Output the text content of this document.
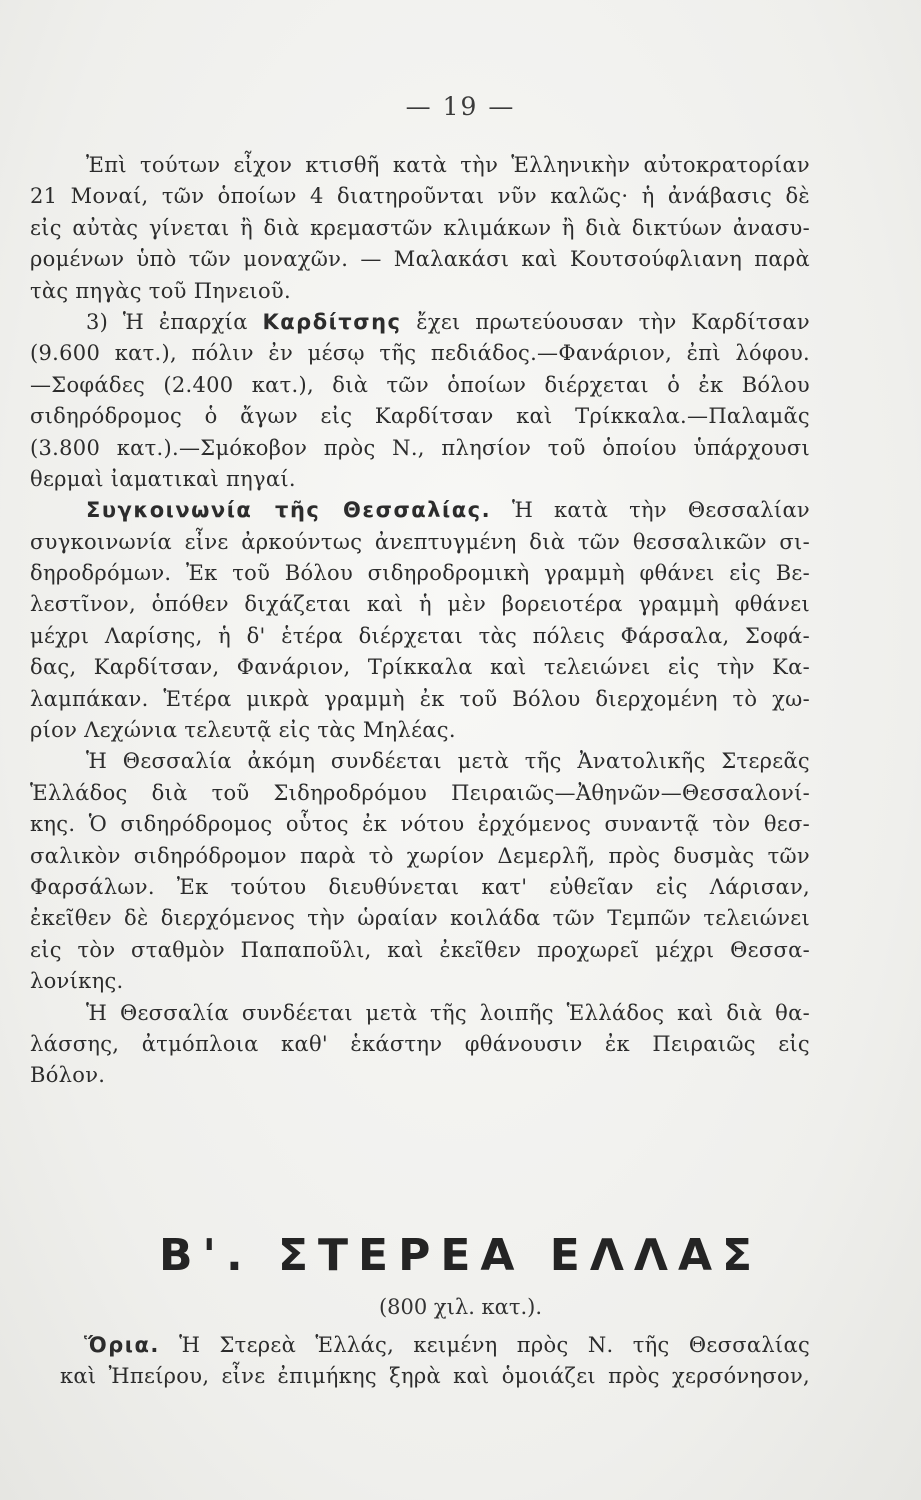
— 19 —
Ἐπὶ τούτων εἶχον κτισθῆ κατὰ τὴν Ἑλληνικὴν αὐτοκρατορίαν
21 Μοναί, τῶν ὁποίων 4 διατηροῦνται νῦν καλῶς· ἡ ἀνάβασις δὲ
εἰς αὐτὰς γίνεται ἢ διὰ κρεμαστῶν κλιμάκων ἢ διὰ δικτύων ἀνασυ-
ρομένων ὑπὸ τῶν μοναχῶν. — Μαλακάσι καὶ Κουτσούφλιανη παρὰ
τὰς πηγὰς τοῦ Πηνειοῦ.
3) Ἡ ἐπαρχία Καρδίτσης ἔχει πρωτεύουσαν τὴν Καρδίτσαν
(9.600 κατ.), πόλιν ἐν μέσῳ τῆς πεδιάδος.—Φανάριον, ἐπὶ λόφου.
—Σοφάδες (2.400 κατ.), διὰ τῶν ὁποίων διέρχεται ὁ ἐκ Βόλου
σιδηρόδρομος ὁ ἄγων εἰς Καρδίτσαν καὶ Τρίκκαλα.—Παλαμᾶς
(3.800 κατ.).—Σμόκοβον πρὸς Ν., πλησίον τοῦ ὁποίου ὑπάρχουσι
θερμαὶ ἰαματικαὶ πηγαί.
Συγκοινωνία τῆς Θεσσαλίας. Ἡ κατὰ τὴν Θεσσαλίαν
συγκοινωνία εἶνε ἀρκούντως ἀνεπτυγμένη διὰ τῶν θεσσαλικῶν σι-
δηροδρόμων. Ἐκ τοῦ Βόλου σιδηροδρομικὴ γραμμὴ φθάνει εἰς Βε-
λεστῖνον, ὁπόθεν διχάζεται καὶ ἡ μὲν βορειοτέρα γραμμὴ φθάνει
μέχρι Λαρίσης, ἡ δ' ἑτέρα διέρχεται τὰς πόλεις Φάρσαλα, Σοφά-
δας, Καρδίτσαν, Φανάριον, Τρίκκαλα καὶ τελειώνει εἰς τὴν Κα-
λαμπάκαν. Ἑτέρα μικρὰ γραμμὴ ἐκ τοῦ Βόλου διερχομένη τὸ χω-
ρίον Λεχώνια τελευτᾷ εἰς τὰς Μηλέας.
Ἡ Θεσσαλία ἀκόμη συνδέεται μετὰ τῆς Ἀνατολικῆς Στερεᾶς
Ἑλλάδος διὰ τοῦ Σιδηροδρόμου Πειραιῶς—Ἀθηνῶν—Θεσσαλονί-
κης. Ὁ σιδηρόδρομος οὗτος ἐκ νότου ἐρχόμενος συναντᾷ τὸν θεσ-
σαλικὸν σιδηρόδρομον παρὰ τὸ χωρίον Δεμερλῆ, πρὸς δυσμὰς τῶν
Φαρσάλων. Ἐκ τούτου διευθύνεται κατ' εὐθεῖαν εἰς Λάρισαν,
ἐκεῖθεν δὲ διερχόμενος τὴν ὡραίαν κοιλάδα τῶν Τεμπῶν τελειώνει
εἰς τὸν σταθμὸν Παπαποῦλι, καὶ ἐκεῖθεν προχωρεῖ μέχρι Θεσσα-
λονίκης.
Ἡ Θεσσαλία συνδέεται μετὰ τῆς λοιπῆς Ἑλλάδος καὶ διὰ θα-
λάσσης, ἀτμόπλοια καθ' ἑκάστην φθάνουσιν ἐκ Πειραιῶς εἰς
Βόλον.
Β'. ΣΤΕΡΕΑ ΕΛΛΑΣ
(800 χιλ. κατ.).
Ὅρια. Ἡ Στερεὰ Ἑλλάς, κειμένη πρὸς Ν. τῆς Θεσσαλίας
καὶ Ἠπείρου, εἶνε ἐπιμήκης ξηρὰ καὶ ὁμοιάζει πρὸς χερσόνησον,
